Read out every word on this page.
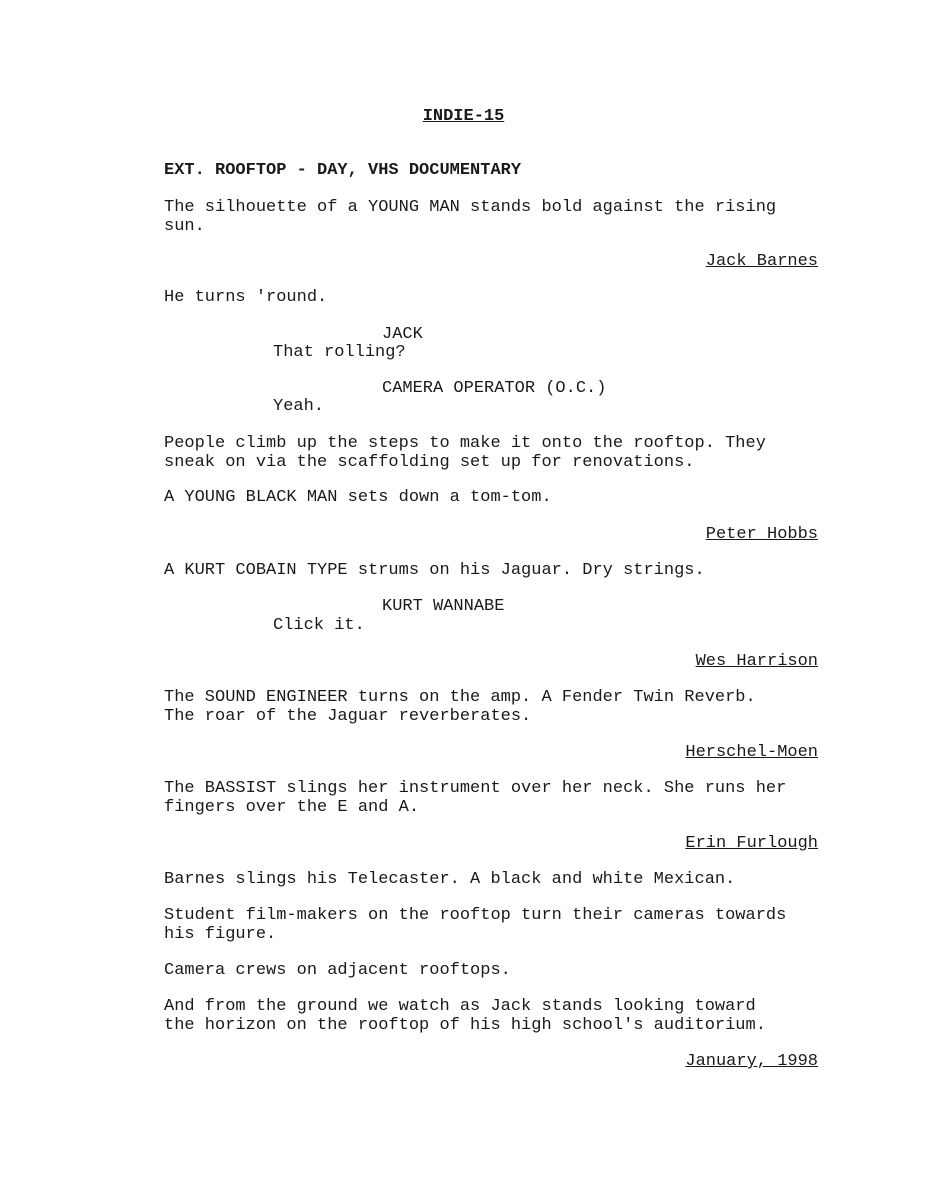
INDIE-15
EXT. ROOFTOP - DAY, VHS DOCUMENTARY
The silhouette of a YOUNG MAN stands bold against the rising
sun.
Jack Barnes
He turns 'round.
JACK
That rolling?
CAMERA OPERATOR (O.C.)
Yeah.
People climb up the steps to make it onto the rooftop. They
sneak on via the scaffolding set up for renovations.
A YOUNG BLACK MAN sets down a tom-tom.
Peter Hobbs
A KURT COBAIN TYPE strums on his Jaguar. Dry strings.
KURT WANNABE
Click it.
Wes Harrison
The SOUND ENGINEER turns on the amp. A Fender Twin Reverb.
The roar of the Jaguar reverberates.
Herschel-Moen
The BASSIST slings her instrument over her neck. She runs her
fingers over the E and A.
Erin Furlough
Barnes slings his Telecaster. A black and white Mexican.
Student film-makers on the rooftop turn their cameras towards
his figure.
Camera crews on adjacent rooftops.
And from the ground we watch as Jack stands looking toward
the horizon on the rooftop of his high school's auditorium.
January, 1998
